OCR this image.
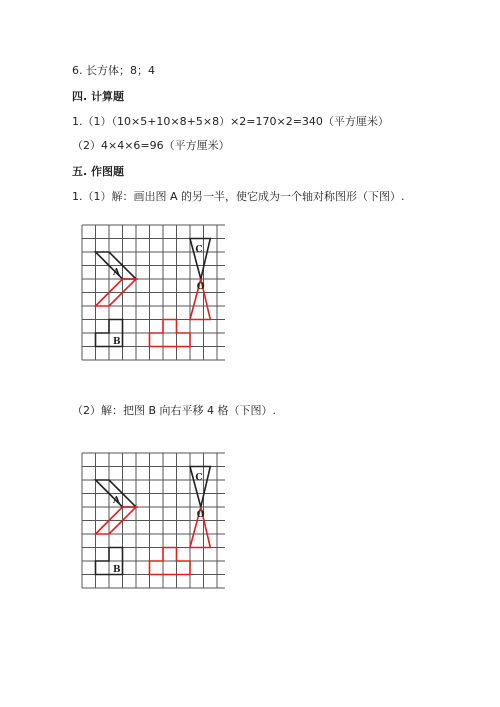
6. 长方体；8；4
四. 计算题
1.（1）（10×5+10×8+5×8）×2=170×2=340（平方厘米）
（2）4×4×6=96（平方厘米）
五. 作图题
1.（1）解：画出图 A 的另一半，使它成为一个轴对称图形（下图）.
A
B
C
O
（2）解：把图 B 向右平移 4 格（下图）.
A
B
C
O
